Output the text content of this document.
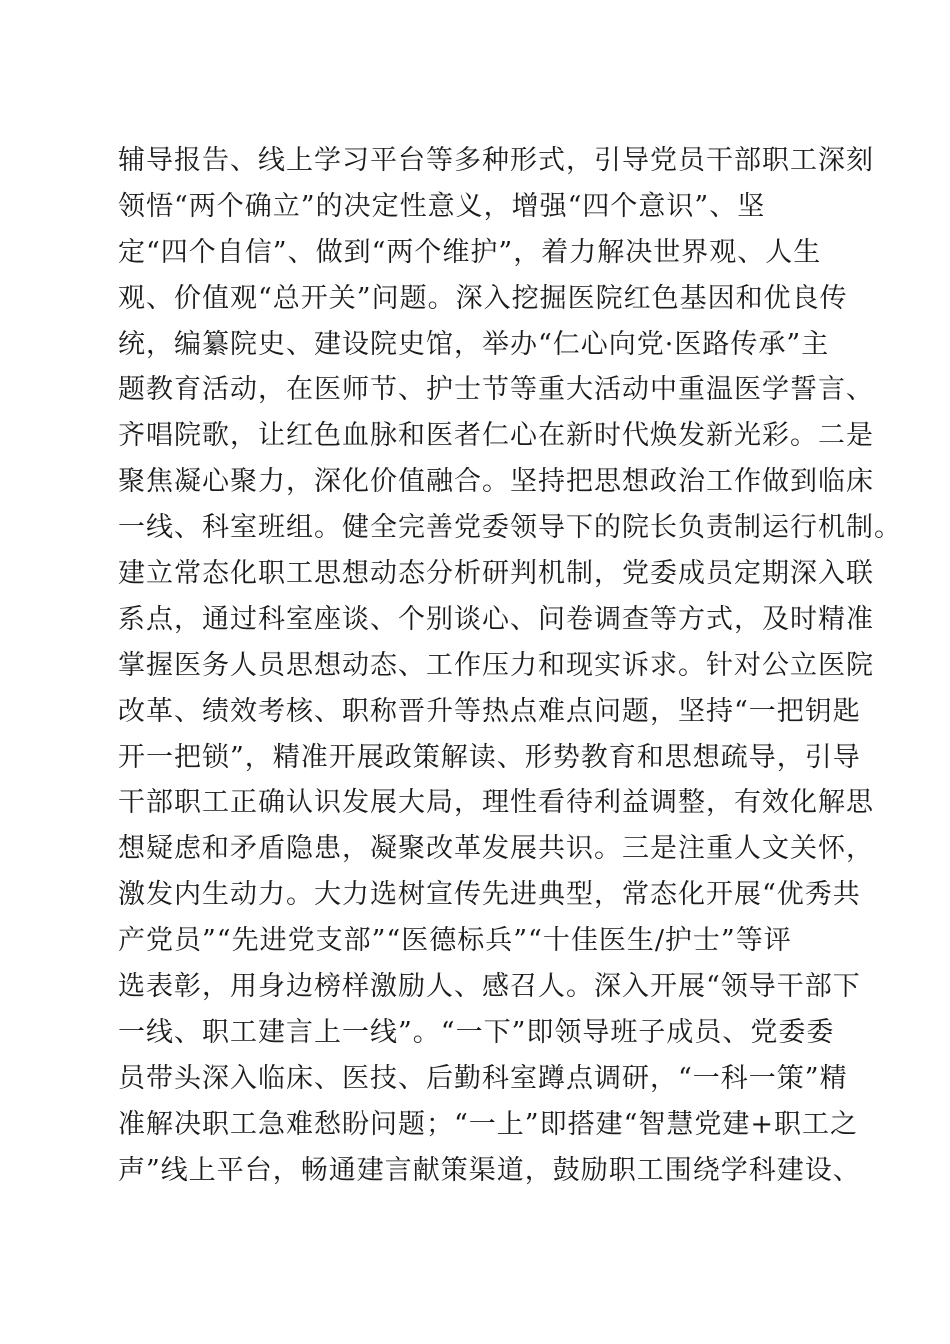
辅导报告、线上学习平台等多种形式，引导党员干部职工深刻
领悟“两个确立”的决定性意义，增强“四个意识”、坚
定“四个自信”、做到“两个维护”，着力解决世界观、人生
观、价值观“总开关”问题。深入挖掘医院红色基因和优良传
统，编纂院史、建设院史馆，举办“仁心向党·医路传承”主
题教育活动，在医师节、护士节等重大活动中重温医学誓言、
齐唱院歌，让红色血脉和医者仁心在新时代焕发新光彩。二是
聚焦凝心聚力，深化价值融合。坚持把思想政治工作做到临床
一线、科室班组。健全完善党委领导下的院长负责制运行机制。
建立常态化职工思想动态分析研判机制，党委成员定期深入联
系点，通过科室座谈、个别谈心、问卷调查等方式，及时精准
掌握医务人员思想动态、工作压力和现实诉求。针对公立医院
改革、绩效考核、职称晋升等热点难点问题，坚持“一把钥匙
开一把锁”，精准开展政策解读、形势教育和思想疏导，引导
干部职工正确认识发展大局，理性看待利益调整，有效化解思
想疑虑和矛盾隐患，凝聚改革发展共识。三是注重人文关怀，
激发内生动力。大力选树宣传先进典型，常态化开展“优秀共
产党员”“先进党支部”“医德标兵”“十佳医生/护士”等评
选表彰，用身边榜样激励人、感召人。深入开展“领导干部下
一线、职工建言上一线”。“一下”即领导班子成员、党委委
员带头深入临床、医技、后勤科室蹲点调研，“一科一策”精
准解决职工急难愁盼问题；“一上”即搭建“智慧党建+职工之
声”线上平台，畅通建言献策渠道，鼓励职工围绕学科建设、
